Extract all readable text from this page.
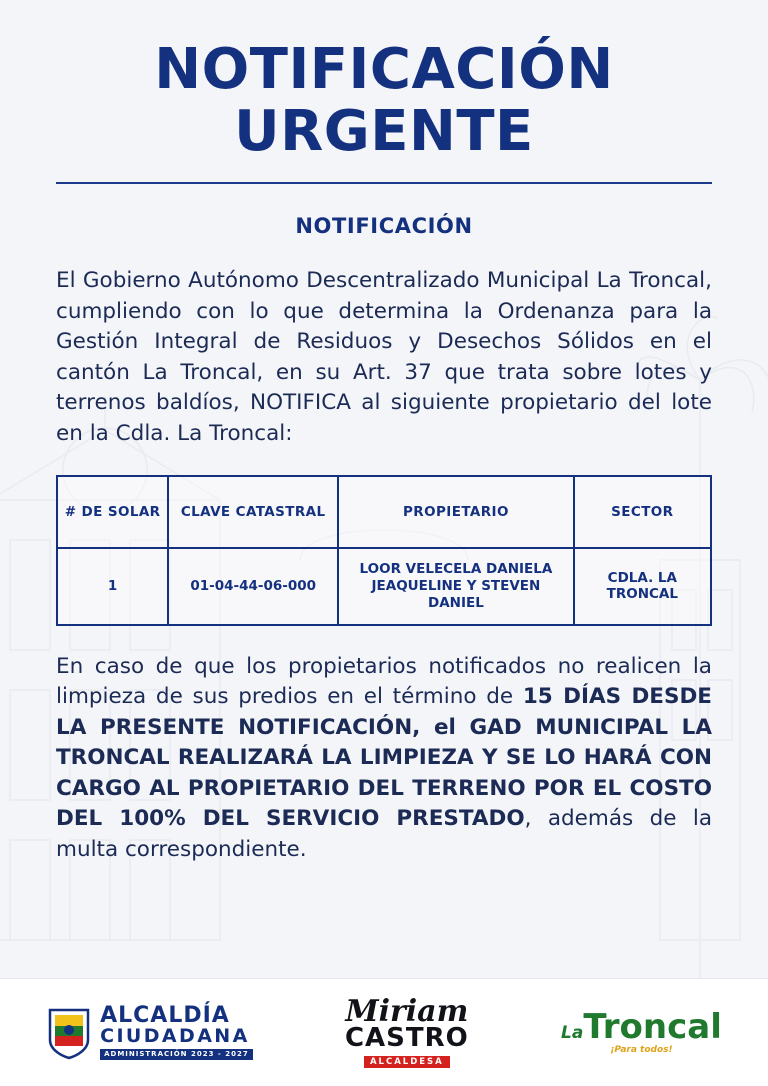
NOTIFICACIÓN
URGENTE
NOTIFICACIÓN

El Gobierno Autónomo Descentralizado Municipal La Troncal, cumpliendo con lo que determina la Ordenanza para la Gestión Integral de Residuos y Desechos Sólidos en el cantón La Troncal, en su Art. 37 que trata sobre lotes y terrenos baldíos, NOTIFICA al siguiente propietario del lote en la Cdla. La Troncal:

# DE SOLAR	CLAVE CATASTRAL	PROPIETARIO	SECTOR
1	01-04-44-06-000	LOOR VELECELA DANIELA JEAQUELINE Y STEVEN DANIEL	CDLA. LA TRONCAL

En caso de que los propietarios notificados no realicen la limpieza de sus predios en el término de 15 DÍAS DESDE LA PRESENTE NOTIFICACIÓN, el GAD MUNICIPAL LA TRONCAL REALIZARÁ LA LIMPIEZA Y SE LO HARÁ CON CARGO AL PROPIETARIO DEL TERRENO POR EL COSTO DEL 100% DEL SERVICIO PRESTADO, además de la multa correspondiente.

ALCALDÍA
CIUDADANA
ADMINISTRACIÓN 2023 - 2027
Miriam
CASTRO
ALCALDESA
LaTroncal
¡Para todos!
